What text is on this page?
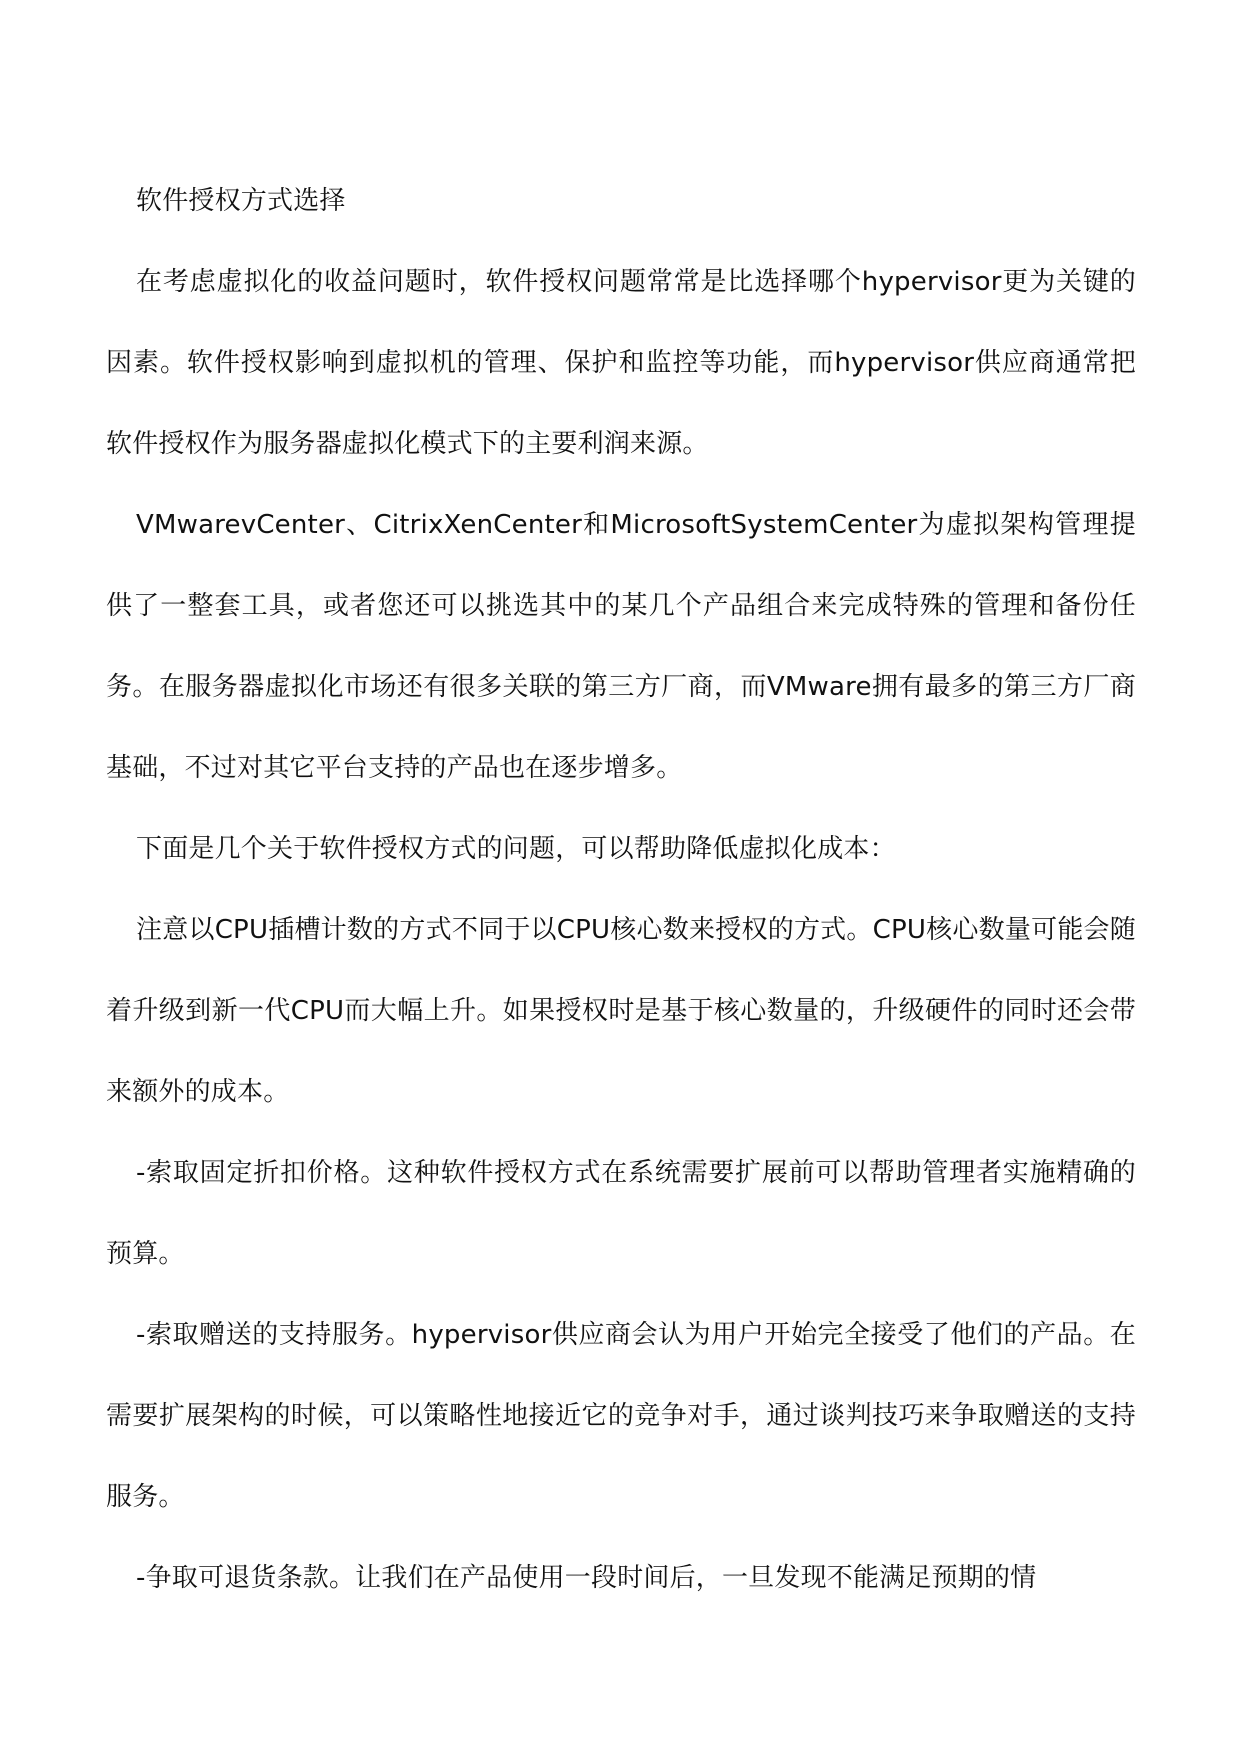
软件授权方式选择

在考虑虚拟化的收益问题时，软件授权问题常常是比选择哪个hypervisor更为关键的因素。软件授权影响到虚拟机的管理、保护和监控等功能，而hypervisor供应商通常把软件授权作为服务器虚拟化模式下的主要利润来源。

VMwarevCenter、CitrixXenCenter和MicrosoftSystemCenter为虚拟架构管理提供了一整套工具，或者您还可以挑选其中的某几个产品组合来完成特殊的管理和备份任务。在服务器虚拟化市场还有很多关联的第三方厂商，而VMware拥有最多的第三方厂商基础，不过对其它平台支持的产品也在逐步增多。

下面是几个关于软件授权方式的问题，可以帮助降低虚拟化成本：

注意以CPU插槽计数的方式不同于以CPU核心数来授权的方式。CPU核心数量可能会随着升级到新一代CPU而大幅上升。如果授权时是基于核心数量的，升级硬件的同时还会带来额外的成本。

-索取固定折扣价格。这种软件授权方式在系统需要扩展前可以帮助管理者实施精确的预算。

-索取赠送的支持服务。hypervisor供应商会认为用户开始完全接受了他们的产品。在需要扩展架构的时候，可以策略性地接近它的竞争对手，通过谈判技巧来争取赠送的支持服务。

-争取可退货条款。让我们在产品使用一段时间后，一旦发现不能满足预期的情
